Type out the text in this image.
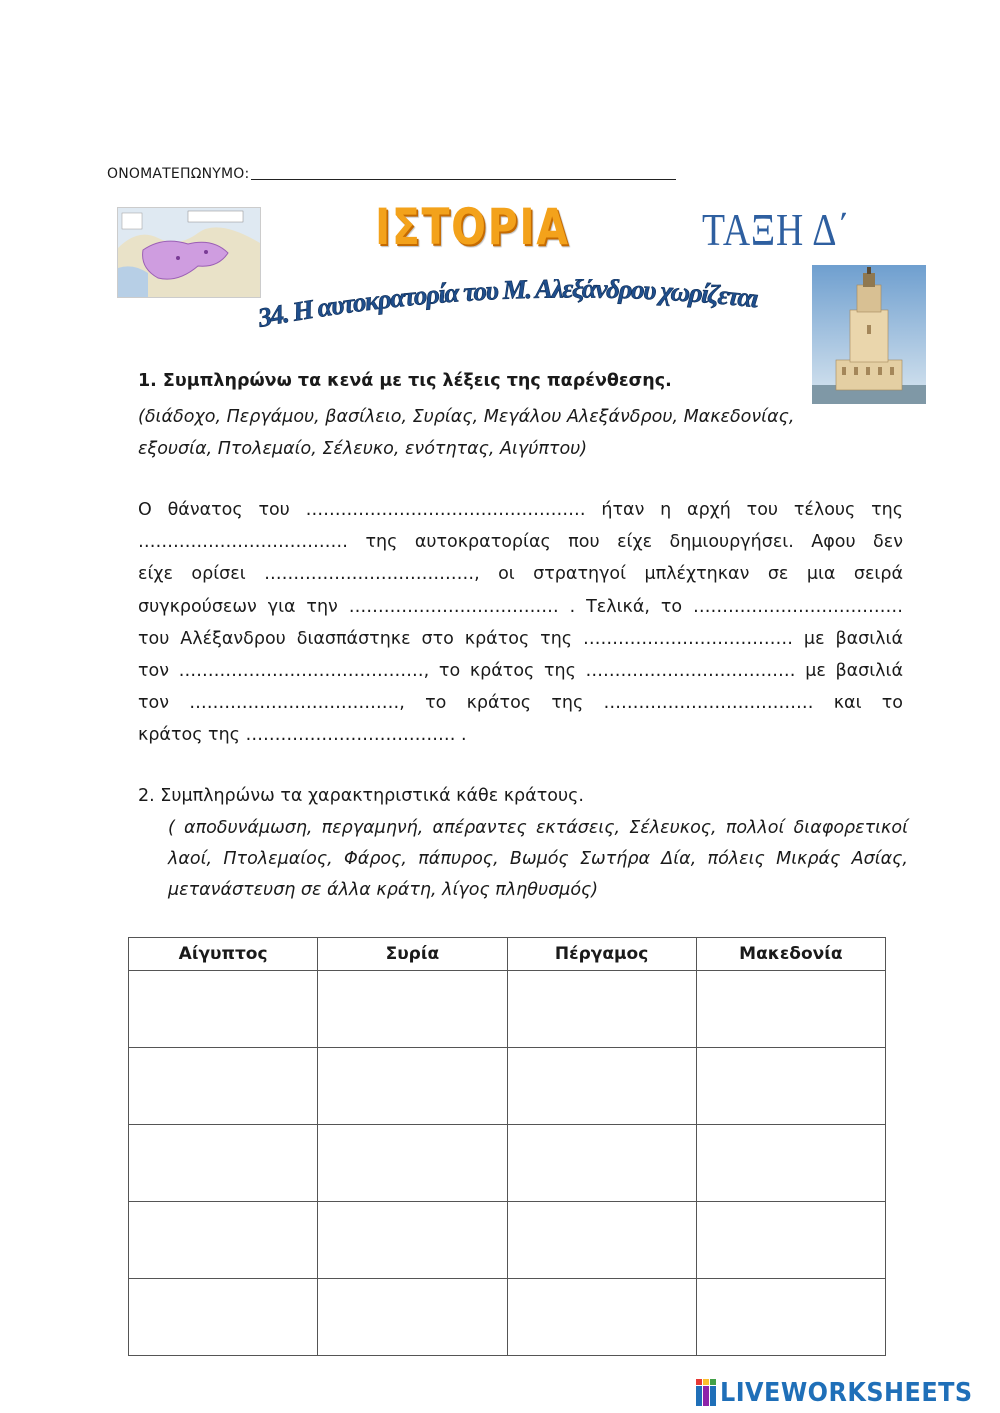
ΟΝΟΜΑΤΕΠΩΝΥΜΟ:
ΙΣΤΟΡΙΑ	ΤΑΞΗ Δ΄
34. Η αυτοκρατορία του Μ. Αλεξάνδρου χωρίζεται
1. Συμπληρώνω τα κενά με τις λέξεις της παρένθεσης.
(διάδοχο, Περγάμου, βασίλειο, Συρίας, Μεγάλου Αλεξάνδρου, Μακεδονίας,
εξουσία, Πτολεμαίο, Σέλευκο, ενότητας, Αιγύπτου)
Ο θάνατος του ………………………………………… ήταν η αρχή του τέλους της
……………………………… της αυτοκρατορίας που είχε δημιουργήσει. Αφου δεν
είχε ορίσει ………………………………, οι στρατηγοί μπλέχτηκαν σε μια σειρά
συγκρούσεων για την ……………………………… . Τελικά, το ………………………………
του Αλέξανδρου διασπάστηκε στο κράτος της ……………………………… με βασιλιά
τον ……………………………………, το κράτος της ……………………………… με βασιλιά
τον ………………………………, το κράτος της ……………………………… και το
κράτος της ……………………………… .
2. Συμπληρώνω τα χαρακτηριστικά κάθε κράτους.
( αποδυνάμωση, περγαμηνή, απέραντες εκτάσεις, Σέλευκος, πολλοί διαφορετικοί λαοί, Πτολεμαίος, Φάρος, πάπυρος, Βωμός Σωτήρα Δία, πόλεις Μικράς Ασίας, μετανάστευση σε άλλα κράτη, λίγος πληθυσμός)
Αίγυπτος	Συρία	Πέργαμος	Μακεδονία

LIVEWORKSHEETS
